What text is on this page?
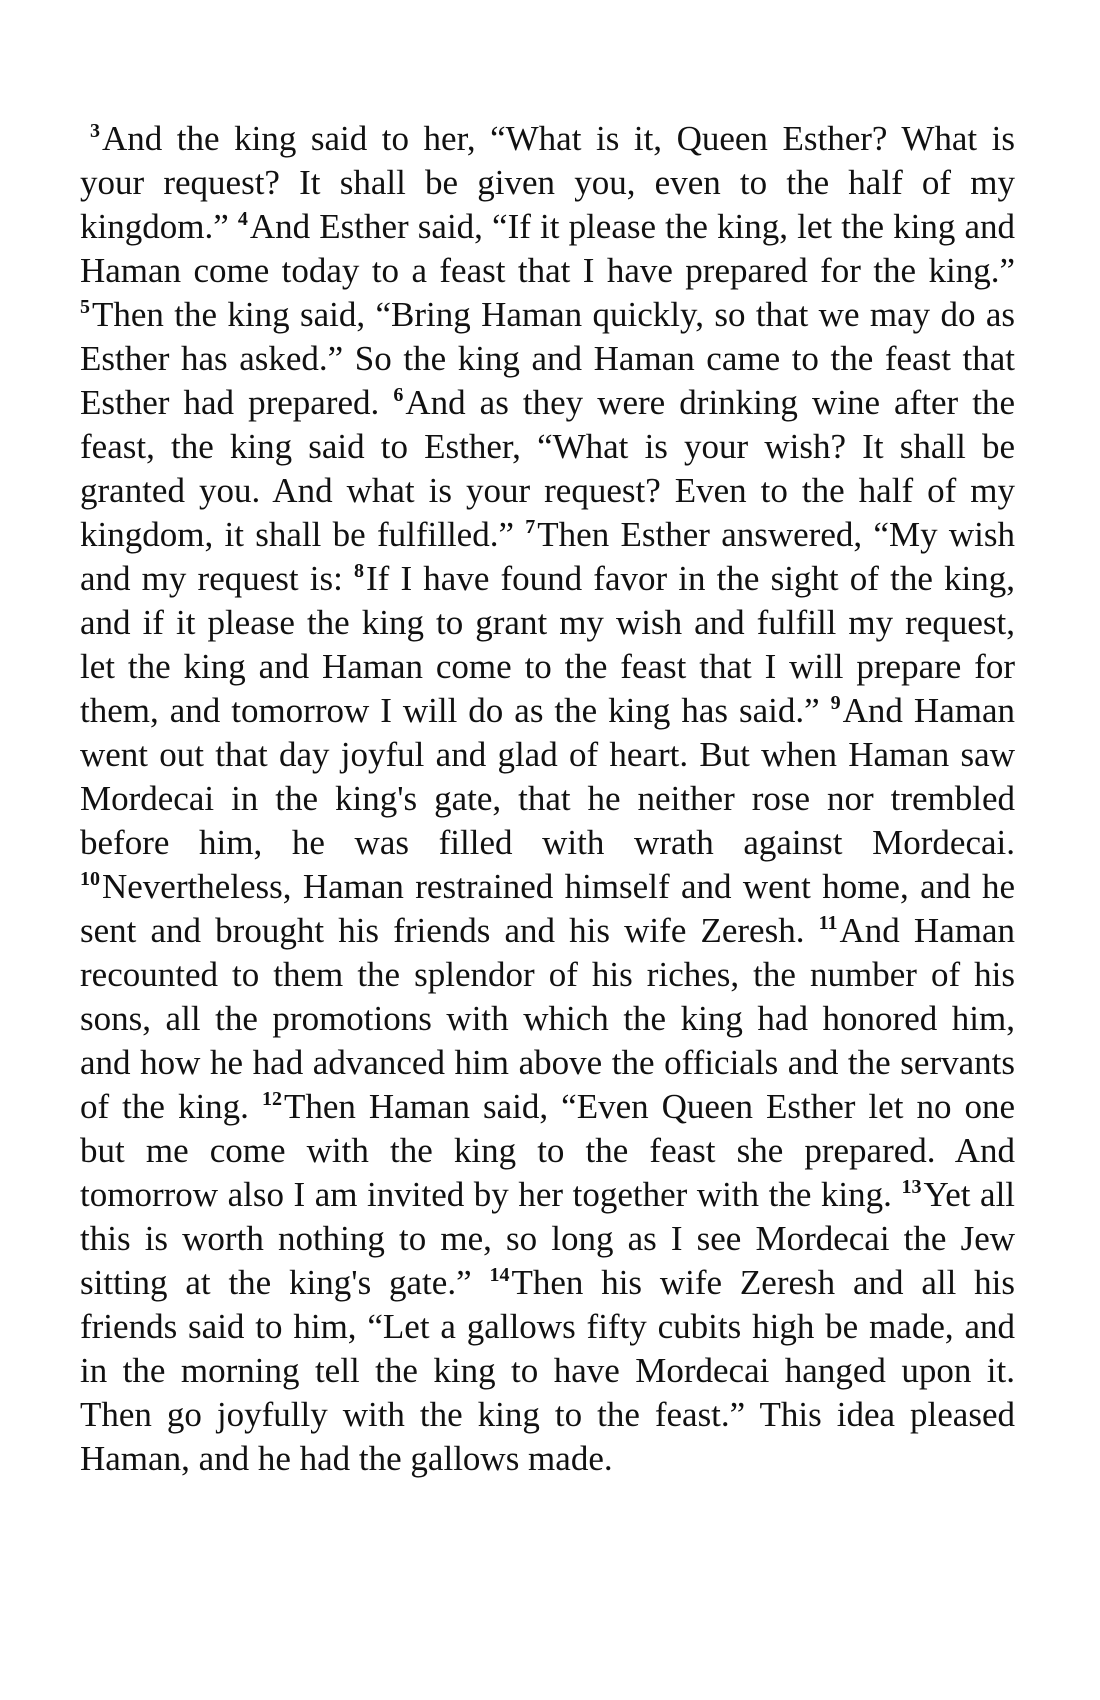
$^3$And the king said to her, “What is it, Queen Esther? What is your request? It shall be given you, even to the half of my kingdom.” $^4$And Esther said, “If it please the king, let the king and Haman come today to a feast that I have prepared for the king.” $^5$Then the king said, “Bring Haman quickly, so that we may do as Esther has asked.” So the king and Haman came to the feast that Esther had prepared. $^6$And as they were drinking wine after the feast, the king said to Esther, “What is your wish? It shall be granted you. And what is your request? Even to the half of my kingdom, it shall be fulfilled.” $^7$Then Esther answered, “My wish and my request is: $^8$If I have found favor in the sight of the king, and if it please the king to grant my wish and fulfill my request, let the king and Haman come to the feast that I will prepare for them, and tomorrow I will do as the king has said.” $^9$And Haman went out that day joyful and glad of heart. But when Haman saw Mordecai in the king's gate, that he neither rose nor trembled before him, he was filled with wrath against Mordecai. $^{10}$Nevertheless, Haman restrained himself and went home, and he sent and brought his friends and his wife Zeresh. $^{11}$And Haman recounted to them the splendor of his riches, the number of his sons, all the promotions with which the king had honored him, and how he had advanced him above the officials and the servants of the king. $^{12}$Then Haman said, “Even Queen Esther let no one but me come with the king to the feast she prepared. And tomorrow also I am invited by her together with the king. $^{13}$Yet all this is worth nothing to me, so long as I see Mordecai the Jew sitting at the king's gate.” $^{14}$Then his wife Zeresh and all his friends said to him, “Let a gallows fifty cubits high be made, and in the morning tell the king to have Mordecai hanged upon it. Then go joyfully with the king to the feast.” This idea pleased Haman, and he had the gallows made.
